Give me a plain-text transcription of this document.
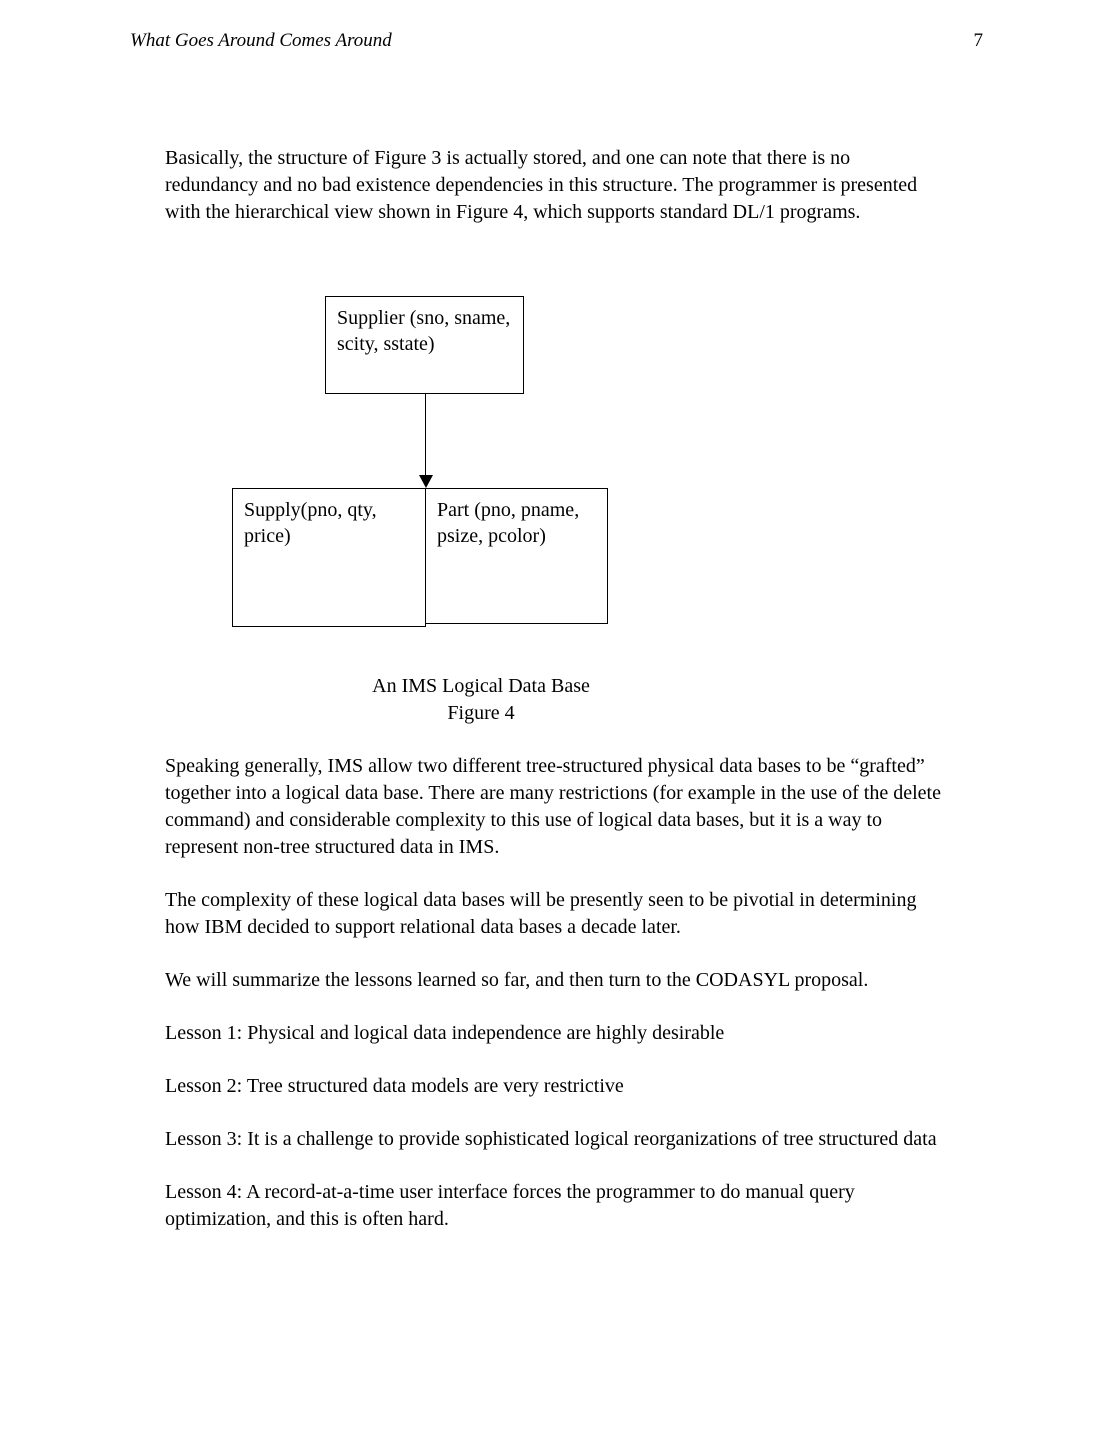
What Goes Around Comes Around	7
Basically, the structure of Figure 3 is actually stored, and one can note that there is no redundancy and no bad existence dependencies in this structure. The programmer is presented with the hierarchical view shown in Figure 4, which supports standard DL/1 programs.
Supplier (sno, sname, scity, sstate)
Supply(pno, qty, price)
Part (pno, pname, psize, pcolor)
An IMS Logical Data Base
Figure 4
Speaking generally, IMS allow two different tree-structured physical data bases to be “grafted” together into a logical data base. There are many restrictions (for example in the use of the delete command) and considerable complexity to this use of logical data bases, but it is a way to represent non-tree structured data in IMS.
The complexity of these logical data bases will be presently seen to be pivotial in determining how IBM decided to support relational data bases a decade later.
We will summarize the lessons learned so far, and then turn to the CODASYL proposal.
Lesson 1: Physical and logical data independence are highly desirable
Lesson 2: Tree structured data models are very restrictive
Lesson 3: It is a challenge to provide sophisticated logical reorganizations of tree structured data
Lesson 4: A record-at-a-time user interface forces the programmer to do manual query optimization, and this is often hard.
